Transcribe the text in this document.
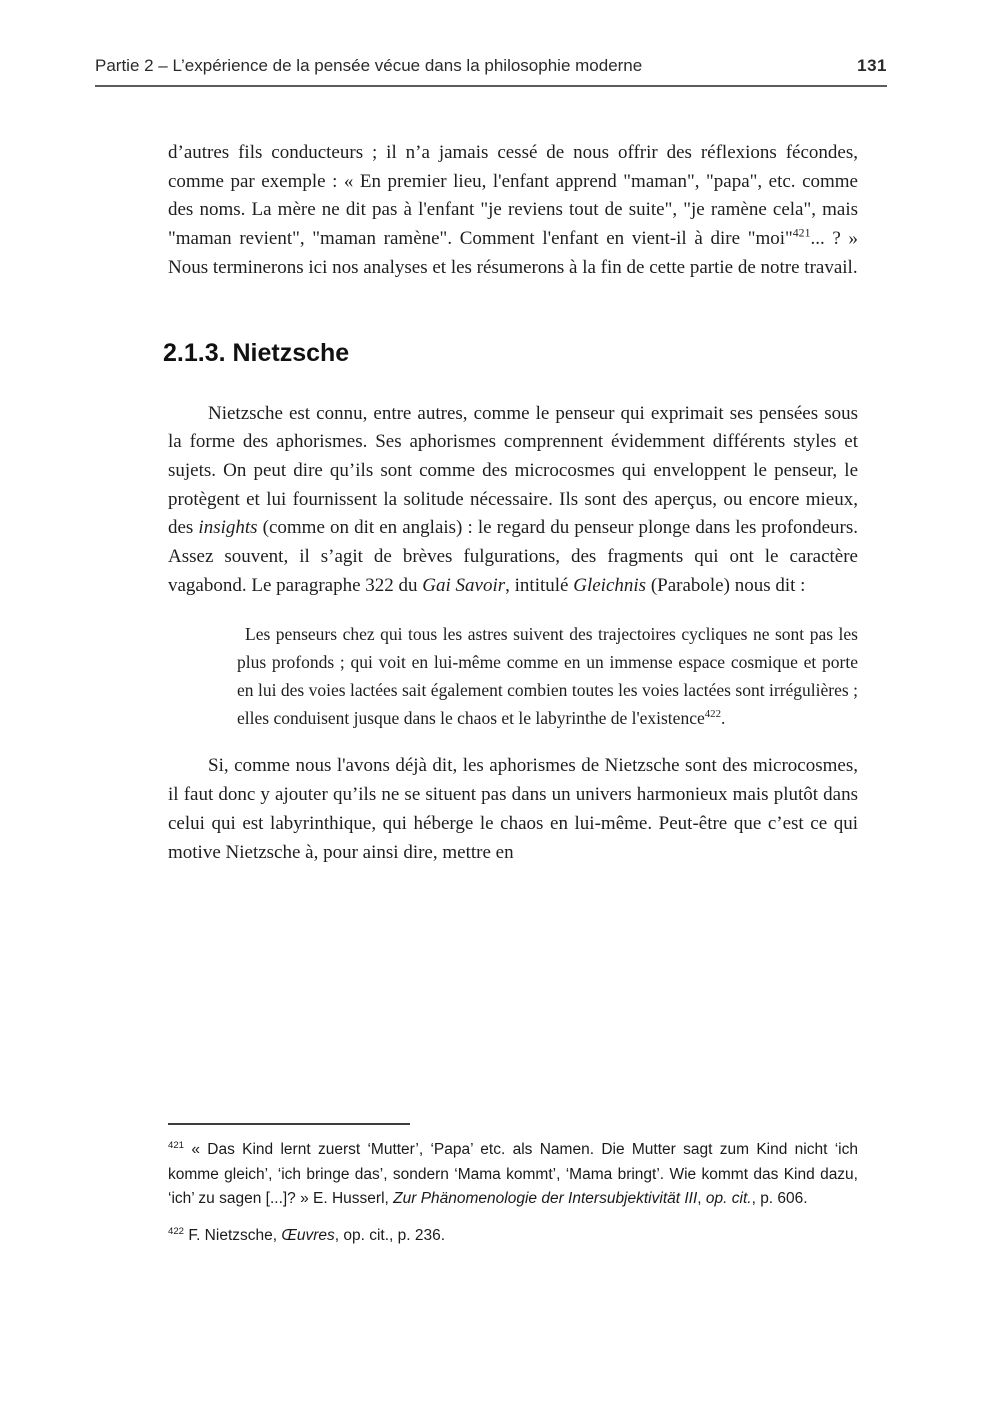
Partie 2 – L’expérience de la pensée vécue dans la philosophie moderne	131

d’autres fils conducteurs ; il n’a jamais cessé de nous offrir des réflexions fécondes, comme par exemple : « En premier lieu, l'enfant apprend "maman", "papa", etc. comme des noms. La mère ne dit pas à l'enfant "je reviens tout de suite", "je ramène cela", mais "maman revient", "maman ramène". Comment l'enfant en vient-il à dire "moi"$^{421}$... ? » Nous terminerons ici nos analyses et les résumerons à la fin de cette partie de notre travail.

2.1.3. Nietzsche

Nietzsche est connu, entre autres, comme le penseur qui exprimait ses pensées sous la forme des aphorismes. Ses aphorismes comprennent évidemment différents styles et sujets. On peut dire qu’ils sont comme des microcosmes qui enveloppent le penseur, le protègent et lui fournissent la solitude nécessaire. Ils sont des aperçus, ou encore mieux, des insights (comme on dit en anglais) : le regard du penseur plonge dans les profondeurs. Assez souvent, il s’agit de brèves fulgurations, des fragments qui ont le caractère vagabond. Le paragraphe 322 du Gai Savoir, intitulé Gleichnis (Parabole) nous dit :

Les penseurs chez qui tous les astres suivent des trajectoires cycliques ne sont pas les plus profonds ; qui voit en lui-même comme en un immense espace cosmique et porte en lui des voies lactées sait également combien toutes les voies lactées sont irrégulières ; elles conduisent jusque dans le chaos et le labyrinthe de l'existence$^{422}$.

Si, comme nous l'avons déjà dit, les aphorismes de Nietzsche sont des microcosmes, il faut donc y ajouter qu’ils ne se situent pas dans un univers harmonieux mais plutôt dans celui qui est labyrinthique, qui héberge le chaos en lui-même. Peut-être que c’est ce qui motive Nietzsche à, pour ainsi dire, mettre en

$^{421}$ « Das Kind lernt zuerst ‘Mutter’, ‘Papa’ etc. als Namen. Die Mutter sagt zum Kind nicht ‘ich komme gleich’, ‘ich bringe das’, sondern ‘Mama kommt’, ‘Mama bringt’. Wie kommt das Kind dazu, ‘ich’ zu sagen [...]? » E. Husserl, Zur Phänomenologie der Intersubjektivität III, op. cit., p. 606.

$^{422}$ F. Nietzsche, Œuvres, op. cit., p. 236.
